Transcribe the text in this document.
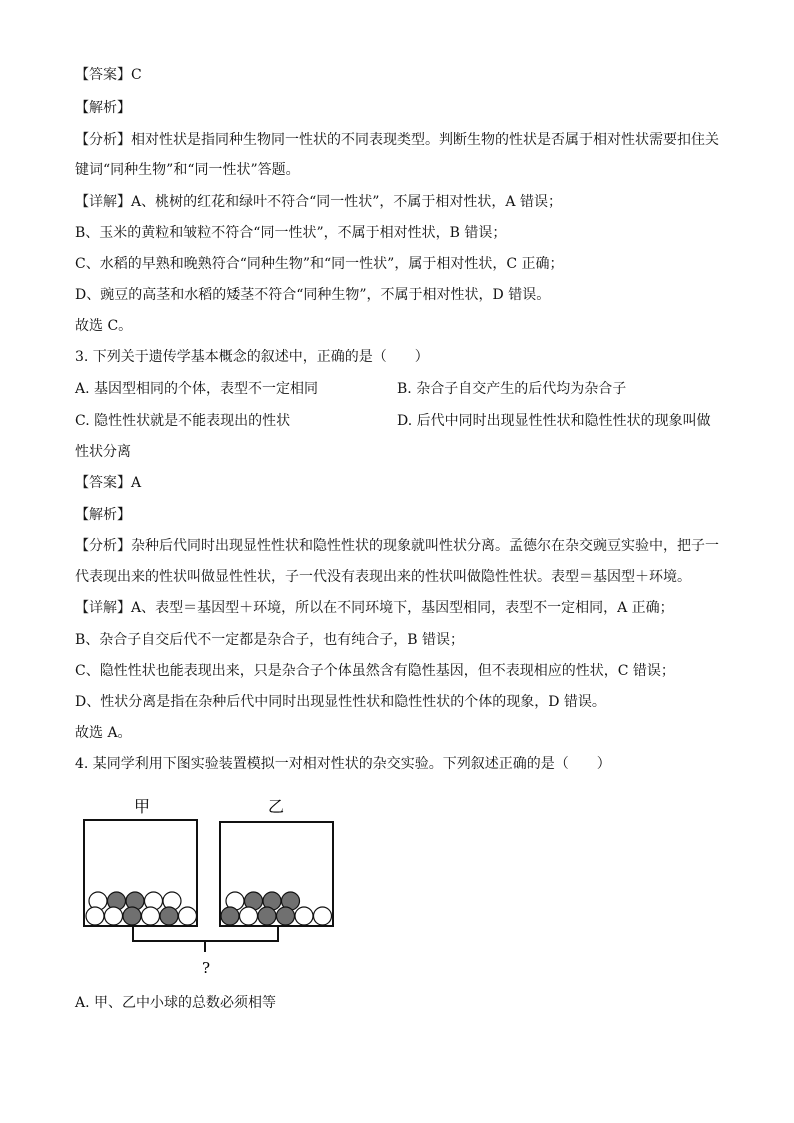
【答案】C
【解析】
【分析】相对性状是指同种生物同一性状的不同表现类型。判断生物的性状是否属于相对性状需要扣住关
键词“同种生物”和“同一性状”答题。
【详解】A、桃树的红花和绿叶不符合“同一性状”，不属于相对性状，A 错误；
B、玉米的黄粒和皱粒不符合“同一性状”，不属于相对性状，B 错误；
C、水稻的早熟和晚熟符合“同种生物”和“同一性状”，属于相对性状，C 正确；
D、豌豆的高茎和水稻的矮茎不符合“同种生物”，不属于相对性状，D 错误。
故选 C。
3. 下列关于遗传学基本概念的叙述中，正确的是（　　）
A. 基因型相同的个体，表型不一定相同	B. 杂合子自交产生的后代均为杂合子
C. 隐性性状就是不能表现出的性状	D. 后代中同时出现显性性状和隐性性状的现象叫做
性状分离
【答案】A
【解析】
【分析】杂种后代同时出现显性性状和隐性性状的现象就叫性状分离。孟德尔在杂交豌豆实验中，把子一
代表现出来的性状叫做显性性状，子一代没有表现出来的性状叫做隐性性状。表型＝基因型＋环境。
【详解】A、表型＝基因型＋环境，所以在不同环境下，基因型相同，表型不一定相同，A 正确；
B、杂合子自交后代不一定都是杂合子，也有纯合子，B 错误；
C、隐性性状也能表现出来，只是杂合子个体虽然含有隐性基因，但不表现相应的性状，C 错误；
D、性状分离是指在杂种后代中同时出现显性性状和隐性性状的个体的现象，D 错误。
故选 A。
4. 某同学利用下图实验装置模拟一对相对性状的杂交实验。下列叙述正确的是（　　）
甲	乙
?
A. 甲、乙中小球的总数必须相等
